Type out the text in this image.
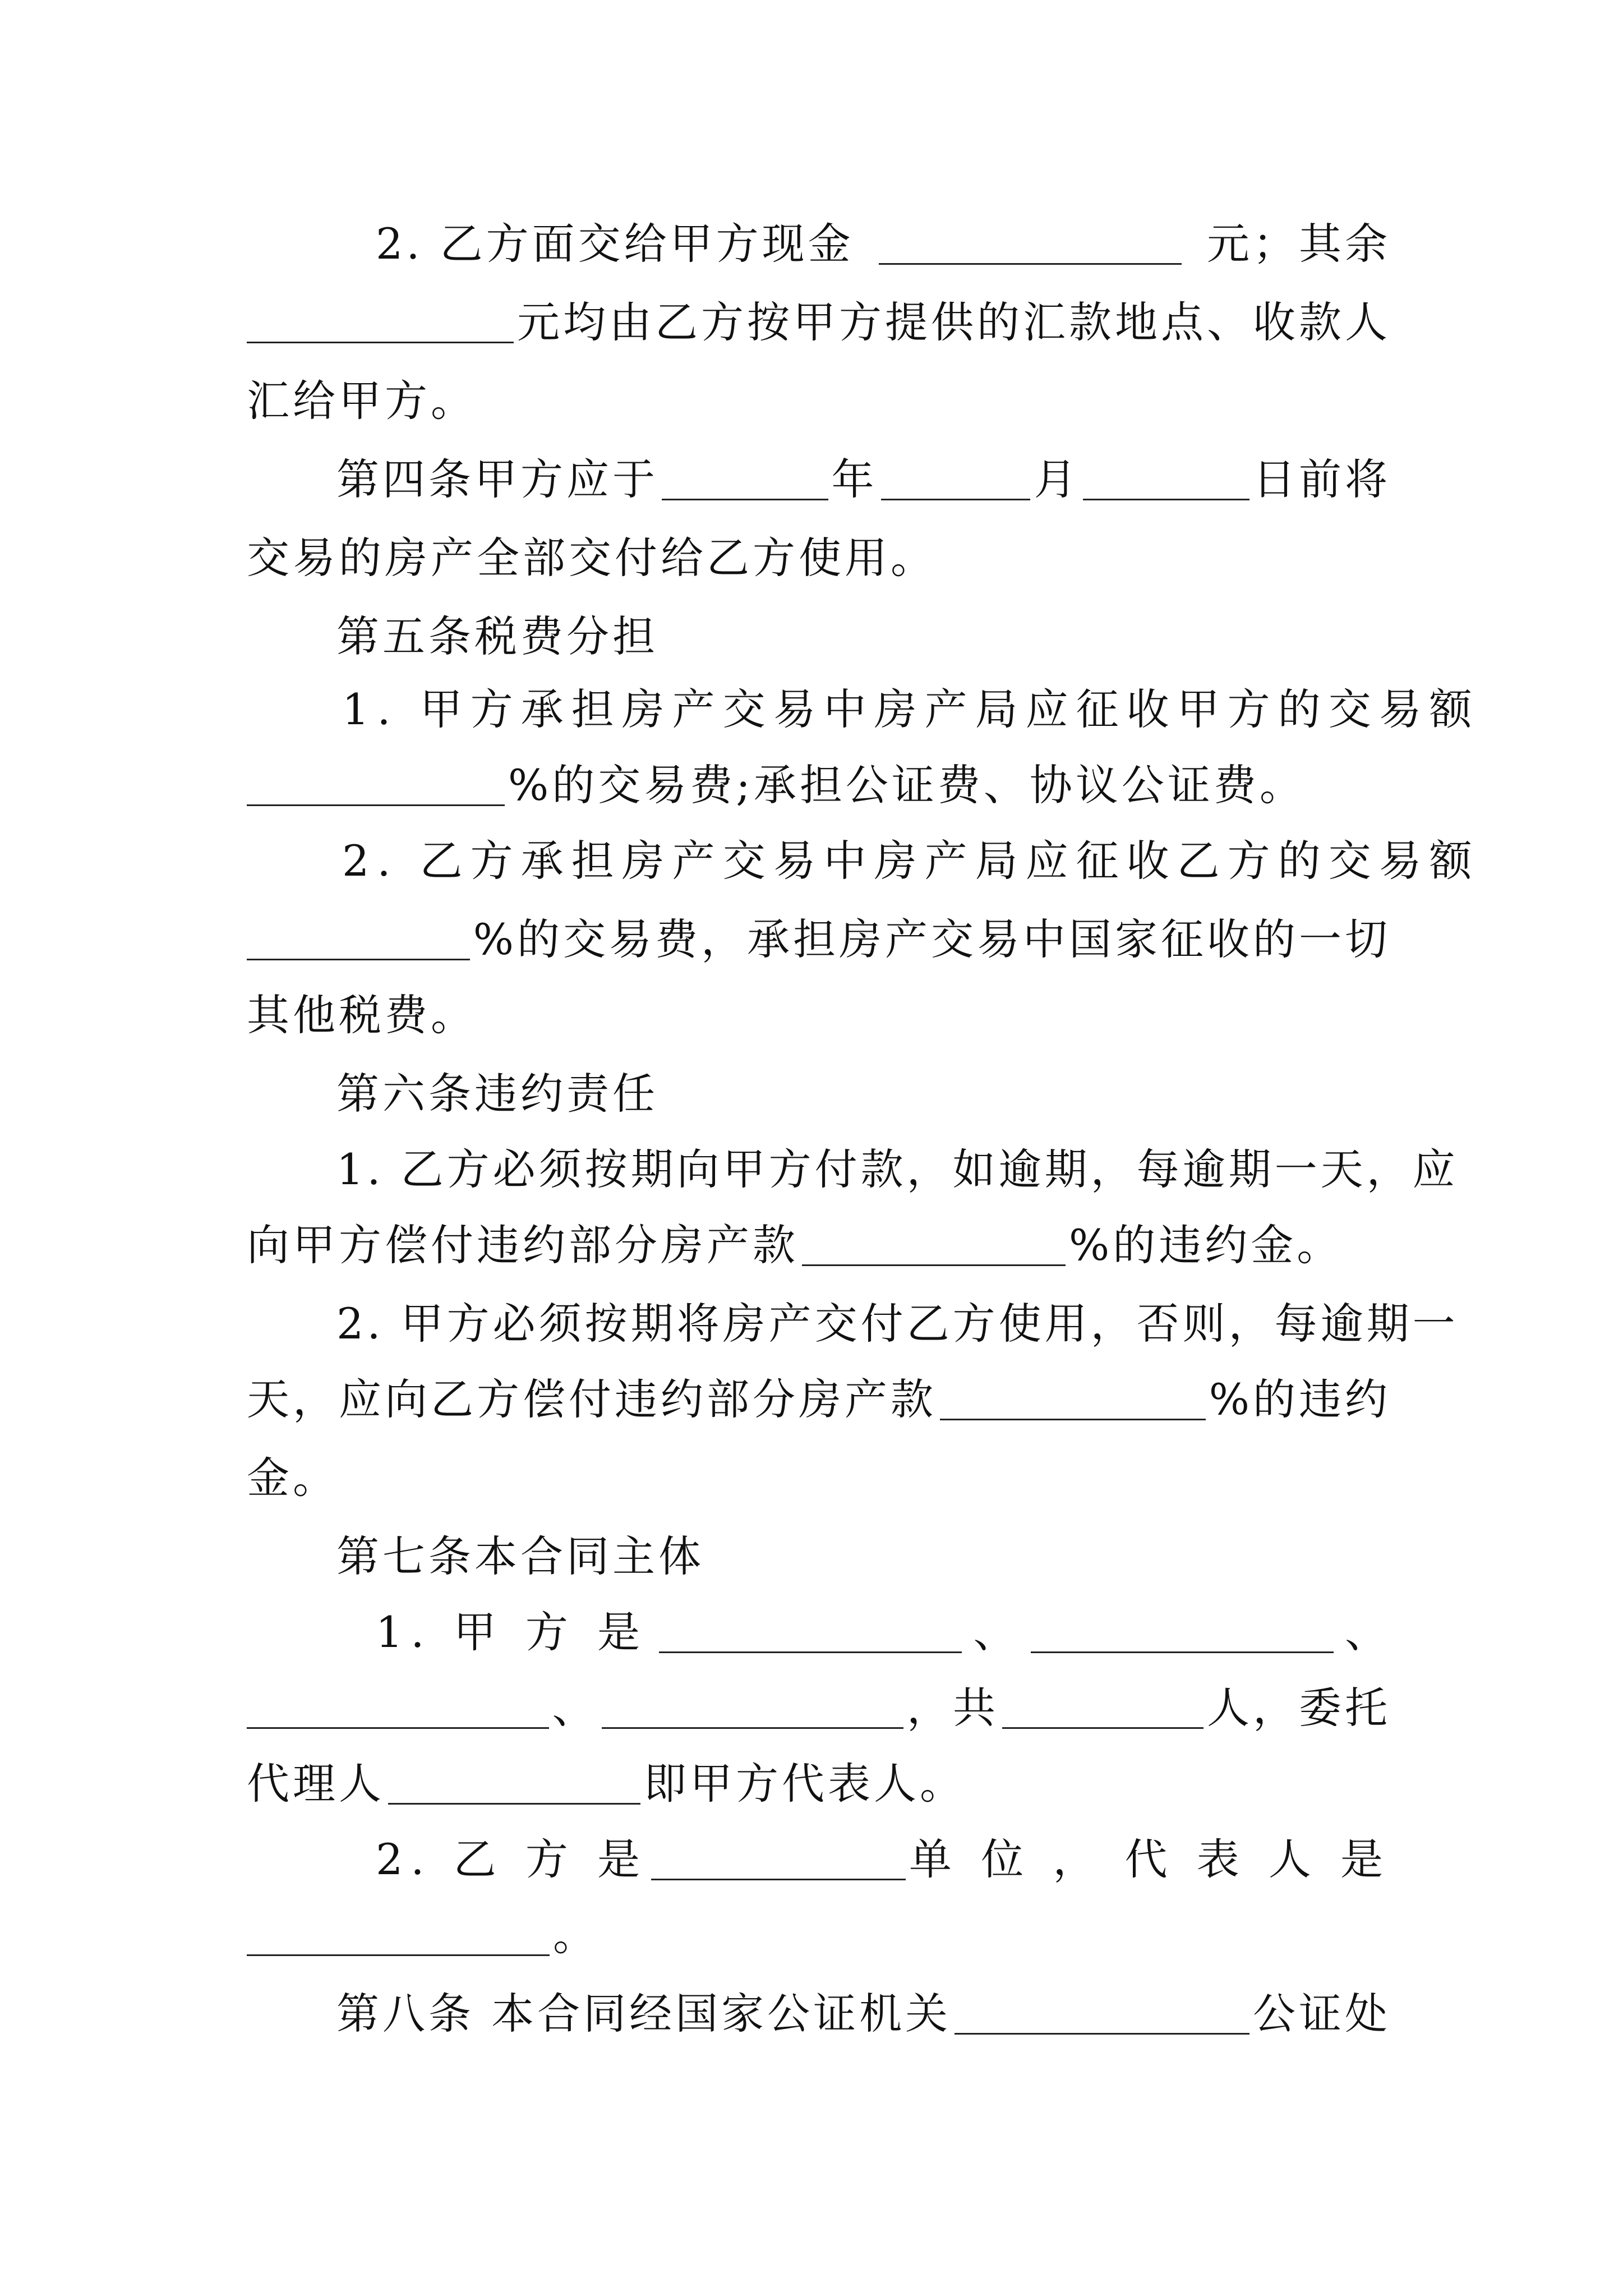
2. 乙方面交给甲方现金	元；其余
元均由乙方按甲方提供的汇款地点、收款人
汇给甲方。
第四条甲方应于	年	月	日前将
交易的房产全部交付给乙方使用。
第五条税费分担
1. 甲方承担房产交易中房产局应征收甲方的交易额
%的交易费;承担公证费、协议公证费。
2. 乙方承担房产交易中房产局应征收乙方的交易额
%的交易费，承担房产交易中国家征收的一切
其他税费。
第六条违约责任
1. 乙方必须按期向甲方付款，如逾期，每逾期一天，应
向甲方偿付违约部分房产款	%的违约金。
2. 甲方必须按期将房产交付乙方使用，否则，每逾期一
天，应向乙方偿付违约部分房产款	%的违约
金。
第七条本合同主体
1. 甲 方 是	、	、
、	，共	人，委托
代理人	即甲方代表人。
2. 乙 方 是	单 位 ， 代 表 人 是
。
第八条 本合同经国家公证机关	公证处
